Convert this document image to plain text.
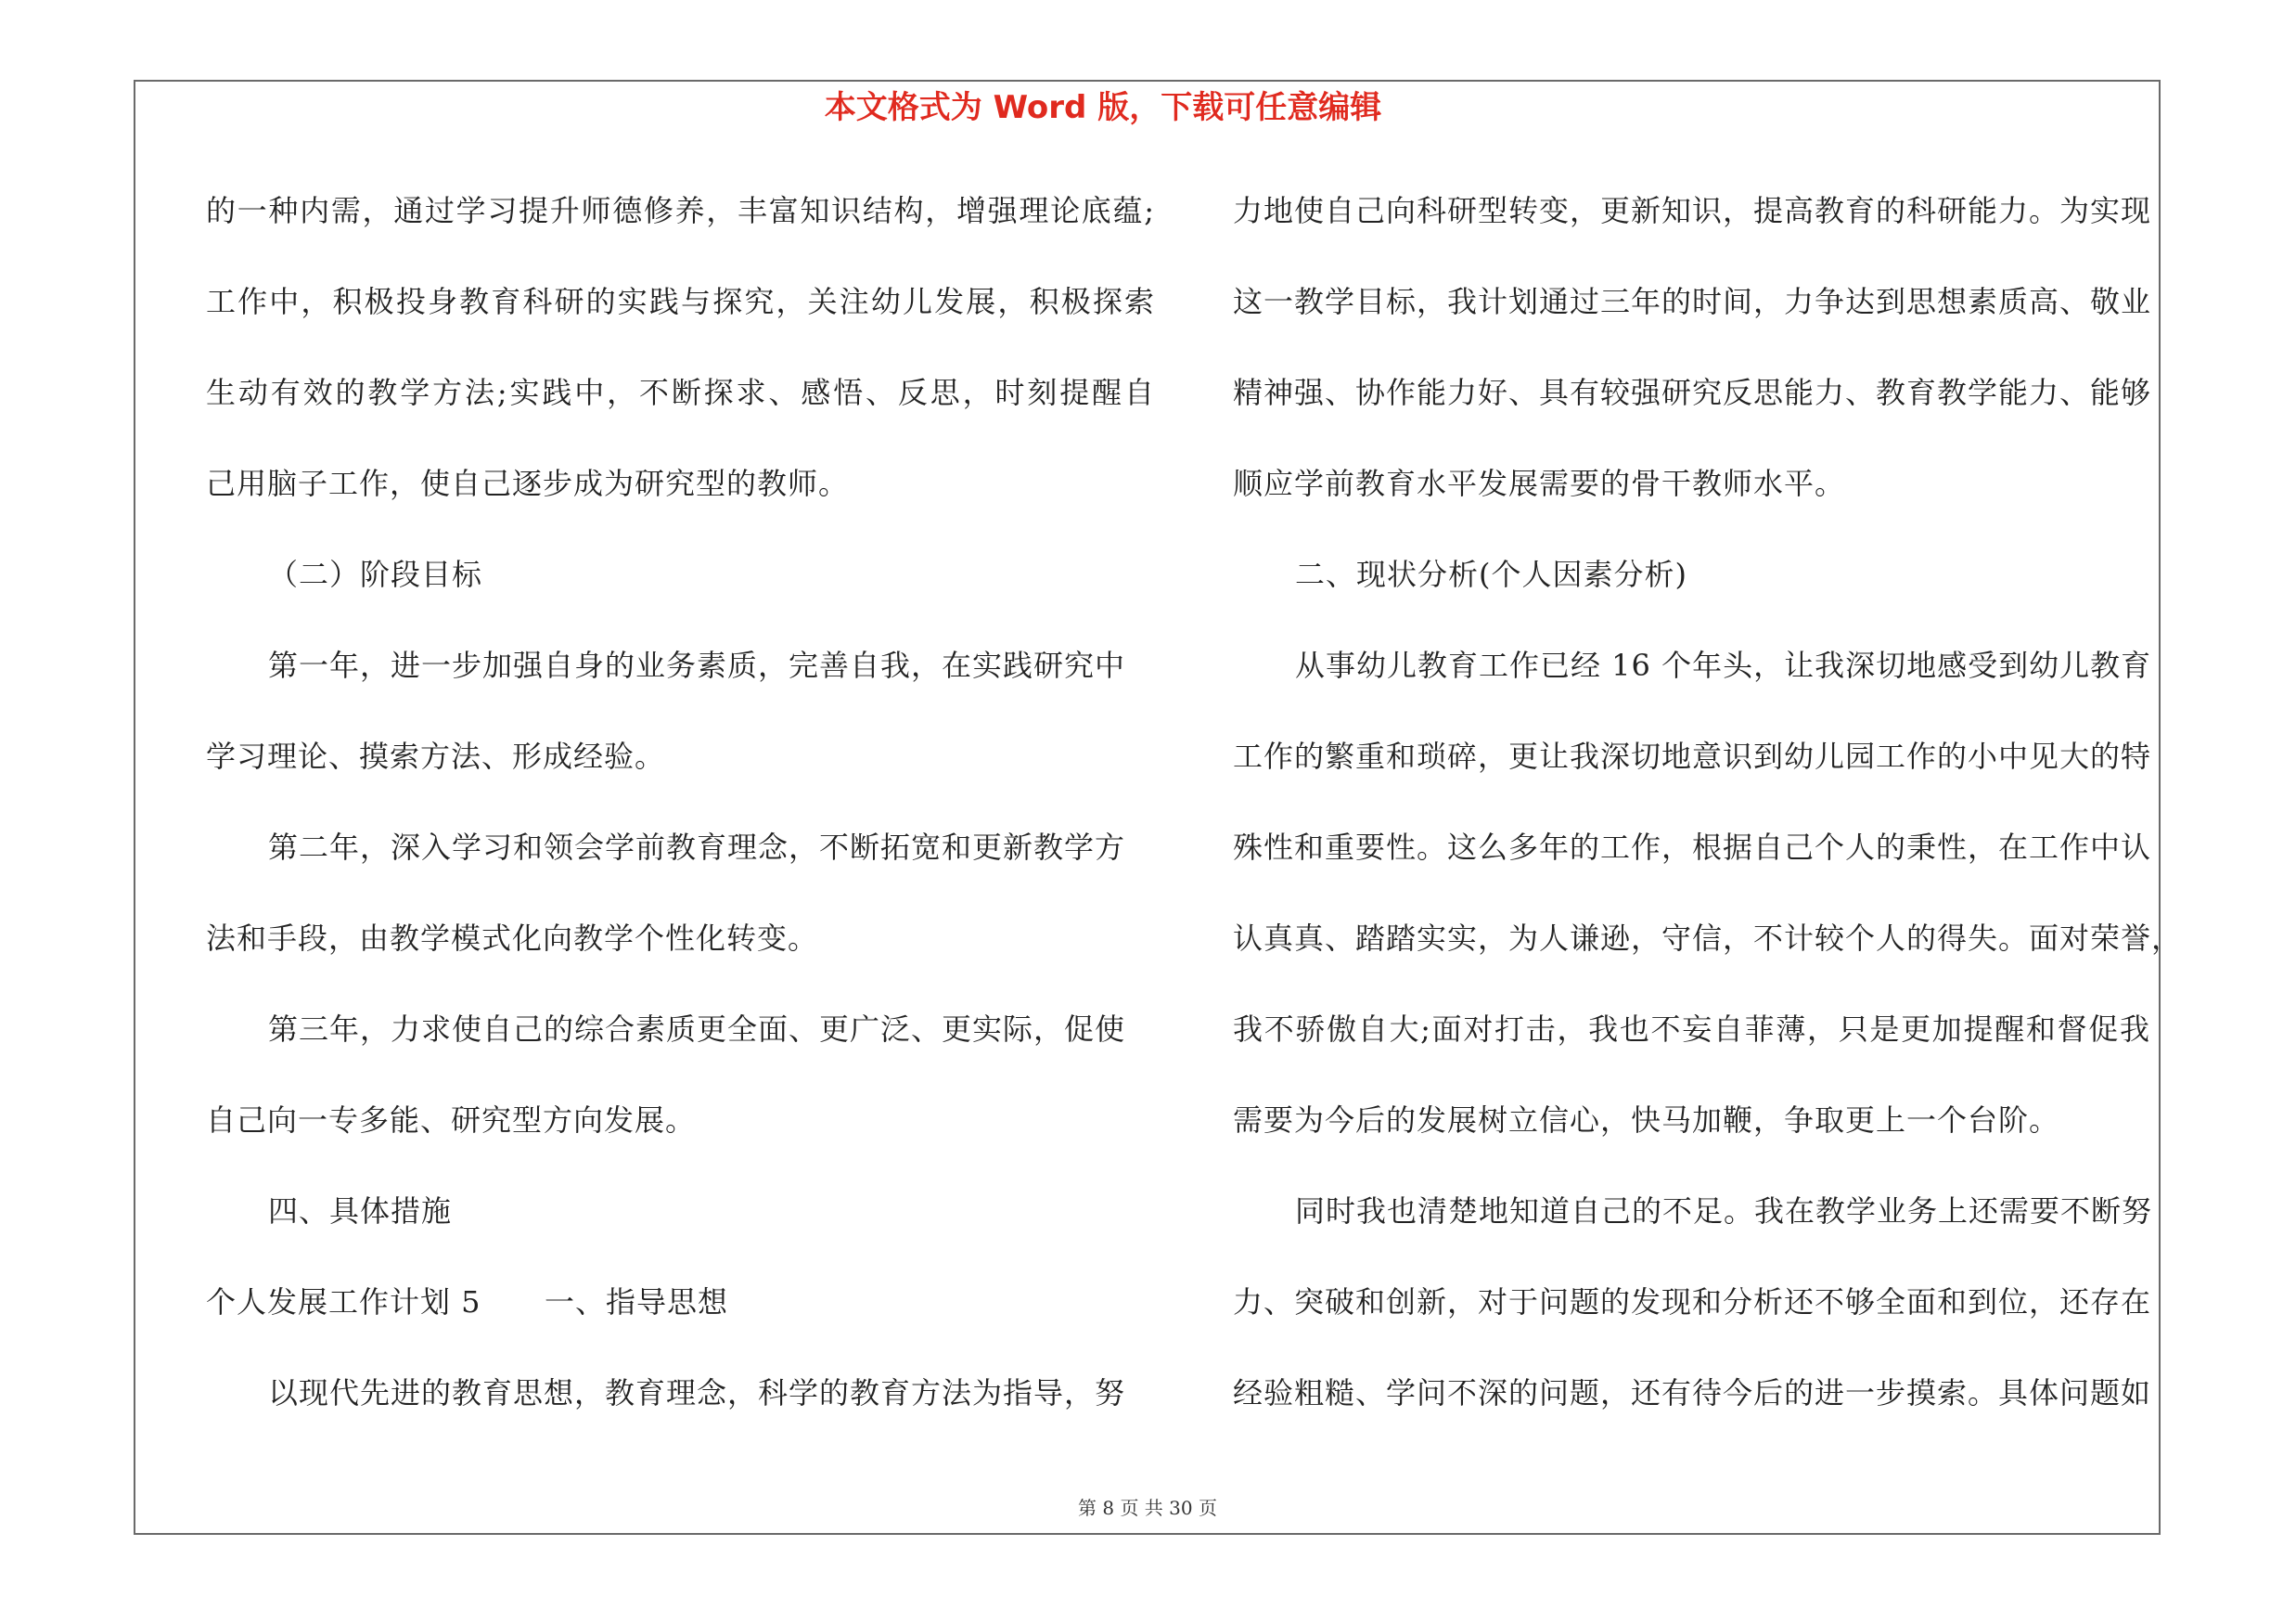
本文格式为 Word 版，下载可任意编辑
的一种内需，通过学习提升师德修养，丰富知识结构，增强理论底蕴;
工作中，积极投身教育科研的实践与探究，关注幼儿发展，积极探索
生动有效的教学方法;实践中，不断探求、感悟、反思，时刻提醒自
己用脑子工作，使自己逐步成为研究型的教师。
（二）阶段目标
第一年，进一步加强自身的业务素质，完善自我，在实践研究中
学习理论、摸索方法、形成经验。
第二年，深入学习和领会学前教育理念，不断拓宽和更新教学方
法和手段，由教学模式化向教学个性化转变。
第三年，力求使自己的综合素质更全面、更广泛、更实际，促使
自己向一专多能、研究型方向发展。
四、具体措施
个人发展工作计划 5 一、指导思想
以现代先进的教育思想，教育理念，科学的教育方法为指导，努
力地使自己向科研型转变，更新知识，提高教育的科研能力。为实现
这一教学目标，我计划通过三年的时间，力争达到思想素质高、敬业
精神强、协作能力好、具有较强研究反思能力、教育教学能力、能够
顺应学前教育水平发展需要的骨干教师水平。
二、现状分析(个人因素分析)
从事幼儿教育工作已经 16 个年头，让我深切地感受到幼儿教育
工作的繁重和琐碎，更让我深切地意识到幼儿园工作的小中见大的特
殊性和重要性。这么多年的工作，根据自己个人的秉性，在工作中认
认真真、踏踏实实，为人谦逊，守信，不计较个人的得失。面对荣誉，
我不骄傲自大;面对打击，我也不妄自菲薄，只是更加提醒和督促我
需要为今后的发展树立信心，快马加鞭，争取更上一个台阶。
同时我也清楚地知道自己的不足。我在教学业务上还需要不断努
力、突破和创新，对于问题的发现和分析还不够全面和到位，还存在
经验粗糙、学问不深的问题，还有待今后的进一步摸索。具体问题如
第 8 页 共 30 页
